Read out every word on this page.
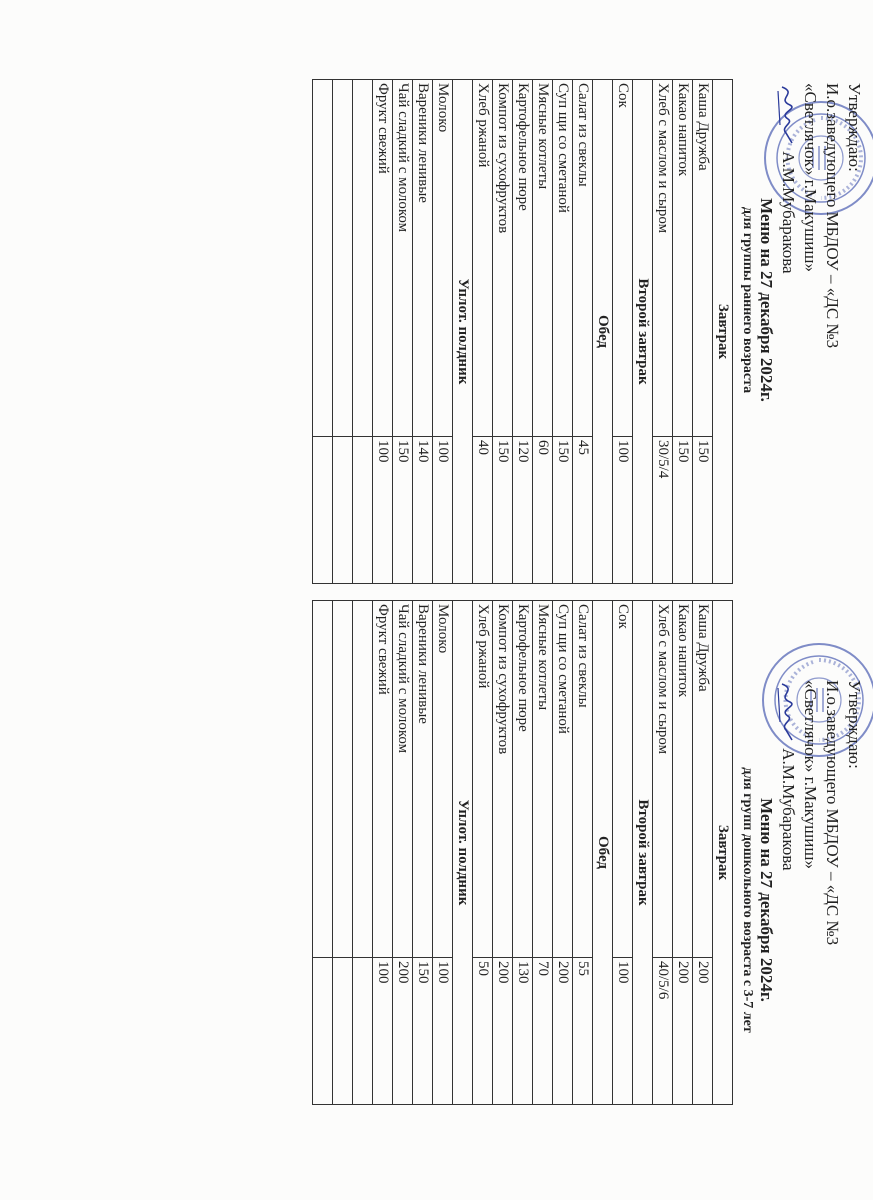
Утверждаю:
И.о.заведующего МБДОУ – «ДС №3
«Светлячок» г.Макушиш»
А.М.Мубаракова
Меню на 27 декабря 2024г.
для группы раннего возраста
Завтрак	
Каша Дружба	150
Какао напиток	150
Хлеб с маслом и сыром	30/5/4
Второй завтрак	
Сок	100
Обед	
Салат из свеклы	45
Суп щи со сметаной	150
Мясные котлеты	60
Картофельное пюре	120
Компот из сухофруктов	150
Хлеб ржаной	40
Уплот. полдник	
Молоко	100
Вареники ленивые	140
Чай сладкий с молоком	150
Фрукт свежий	100

Утверждаю:
И.о.заведующего МБДОУ – «ДС №3
«Светлячок» г.Макушиш»
А.М.Мубаракова
Меню на 27 декабря 2024г.
для групп дошкольного возраста с 3-7 лет
Завтрак	
Каша Дружба	200
Какао напиток	200
Хлеб с маслом и сыром	40/5/6
Второй завтрак	
Сок	100
Обед	
Салат из свеклы	55
Суп щи со сметаной	200
Мясные котлеты	70
Картофельное пюре	130
Компот из сухофруктов	200
Хлеб ржаной	50
Уплот. полдник	
Молоко	100
Вареники ленивые	150
Чай сладкий с молоком	200
Фрукт свежий	100
